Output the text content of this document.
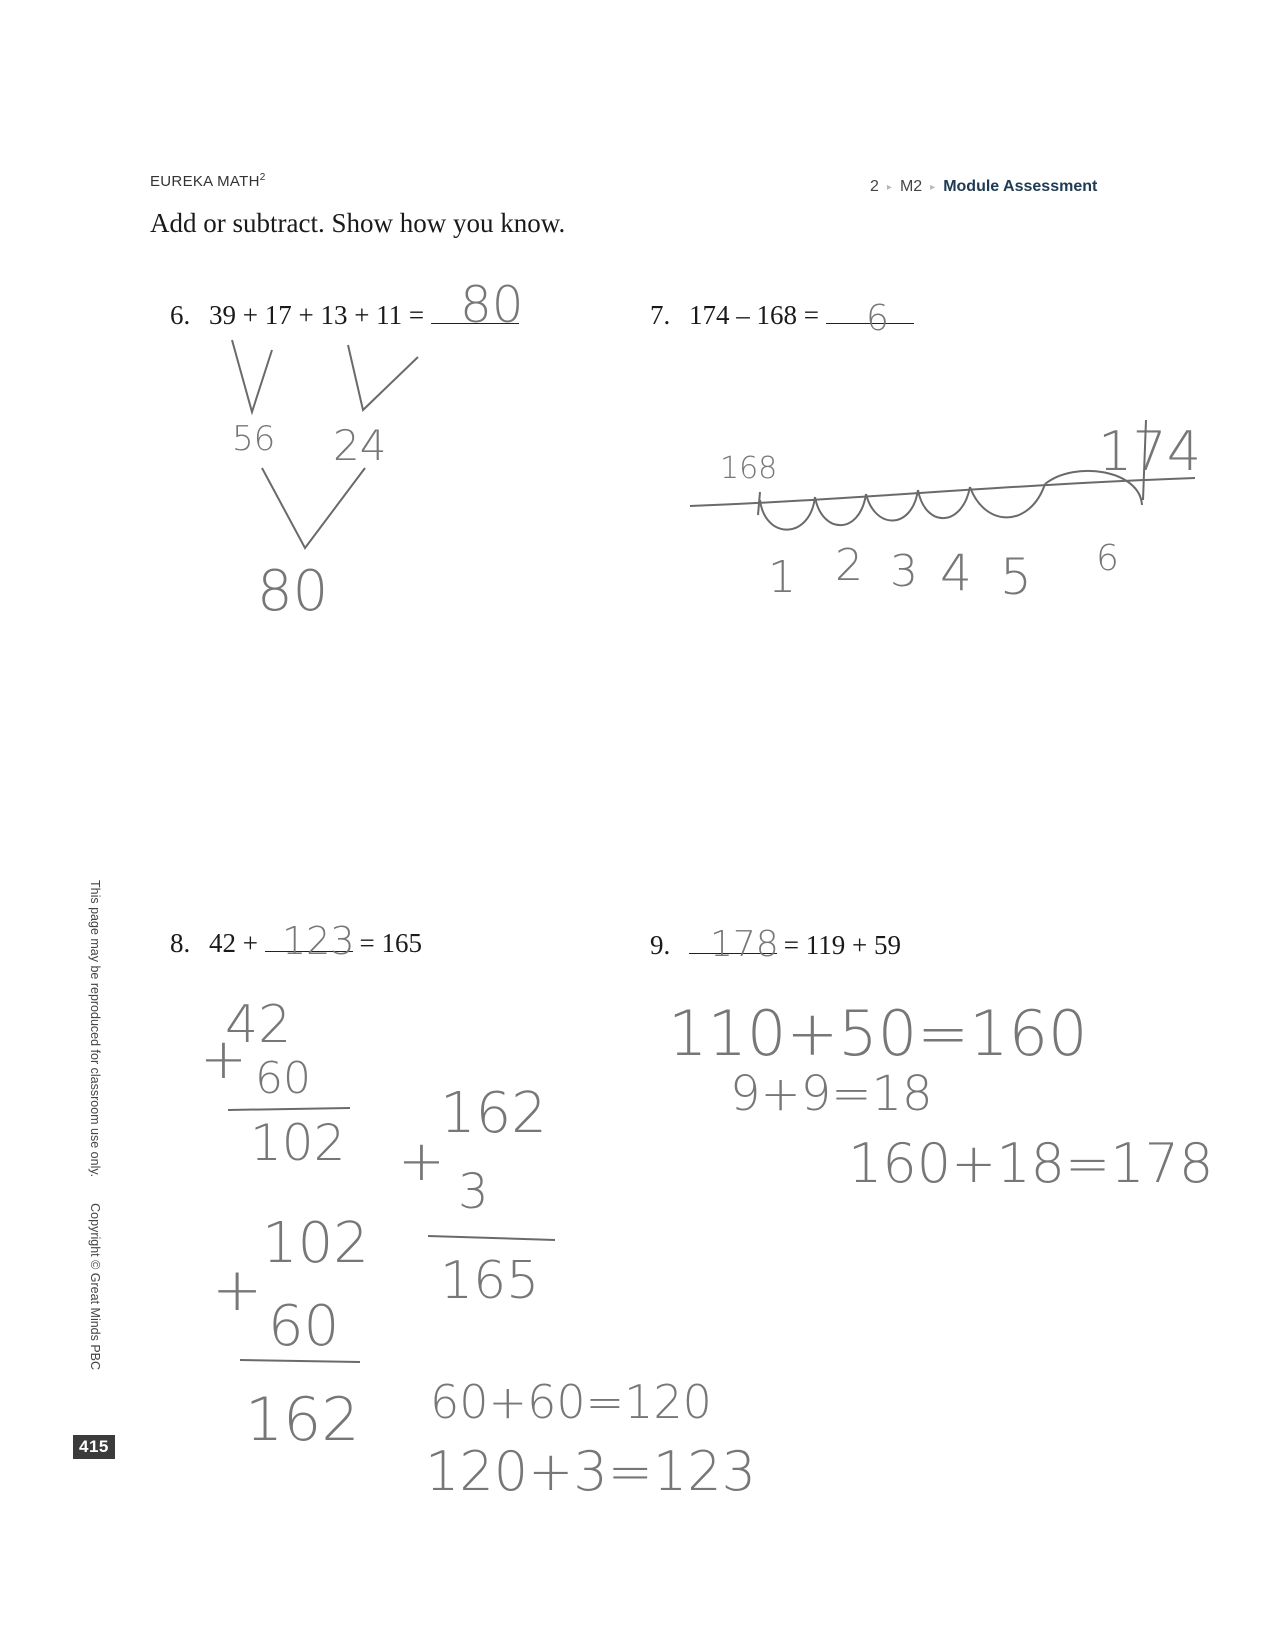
EUREKA MATH$^2$
2 ▸ M2 ▸ Module Assessment
Add or subtract. Show how you know.
6. 39 + 17 + 13 + 11 =	7. 174 – 168 =
8. 42 +	= 165	9.	= 119 + 59
80	6
123	178
56 24
80
168	174
1 2 3 4 5 6
42
+ 60
102 162
+ 3
165
102
+
60
162 60+60=120
120+3=123
110+50=160
9+9=18
160+18=178
This page may be reproduced for classroom use only.Copyright © Great Minds PBC
415
